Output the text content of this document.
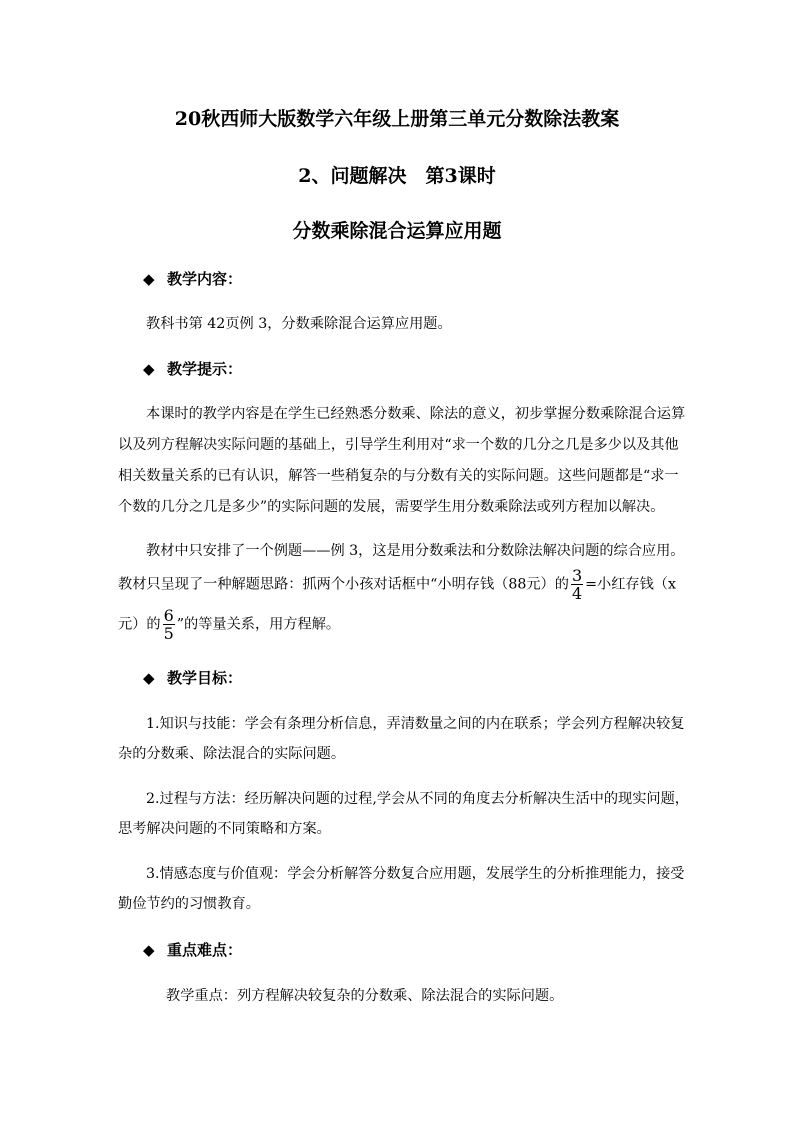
20秋西师大版数学六年级上册第三单元分数除法教案
2、问题解决　第3课时
分数乘除混合运算应用题
◆ 教学内容：
教科书第 42页例 3，分数乘除混合运算应用题。
◆ 教学提示：
本课时的教学内容是在学生已经熟悉分数乘、除法的意义，初步掌握分数乘除混合运算
以及列方程解决实际问题的基础上，引导学生利用对“求一个数的几分之几是多少以及其他
相关数量关系的已有认识，解答一些稍复杂的与分数有关的实际问题。这些问题都是“求一
个数的几分之几是多少”的实际问题的发展，需要学生用分数乘除法或列方程加以解决。
教材中只安排了一个例题——例 3，这是用分数乘法和分数除法解决问题的综合应用。
教材只呈现了一种解题思路：抓两个小孩对话框中“小明存钱（88元）的 $\frac{3}{4}$ =小红存钱（x
元）的 $\frac{6}{5}$ ”的等量关系，用方程解。
◆ 教学目标：
1.知识与技能：学会有条理分析信息，弄清数量之间的内在联系；学会列方程解决较复
杂的分数乘、除法混合的实际问题。
2.过程与方法：经历解决问题的过程,学会从不同的角度去分析解决生活中的现实问题，
思考解决问题的不同策略和方案。
3.情感态度与价值观：学会分析解答分数复合应用题，发展学生的分析推理能力，接受
勤俭节约的习惯教育。
◆ 重点难点：
教学重点：列方程解决较复杂的分数乘、除法混合的实际问题。
